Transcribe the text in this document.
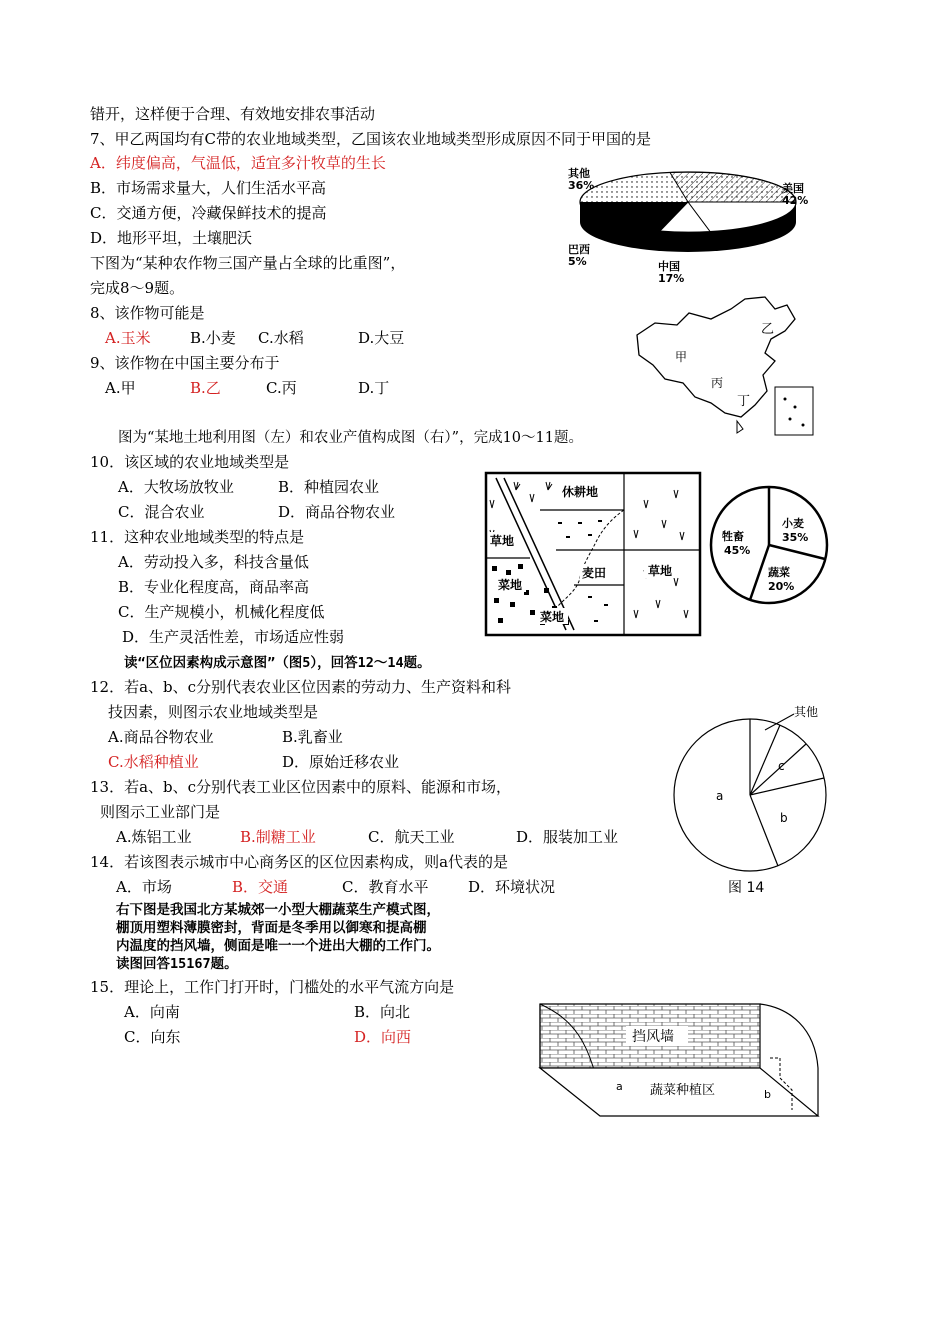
错开，这样便于合理、有效地安排农事活动
7、甲乙两国均有C带的农业地域类型，乙国该农业地域类型形成原因不同于甲国的是
A．纬度偏高，气温低，适宜多汁牧草的生长
B．市场需求量大，人们生活水平高
C．交通方便，冷藏保鲜技术的提高
D．地形平坦，土壤肥沃
下图为“某种农作物三国产量占全球的比重图”，
完成8～9题。
8、该作物可能是
A.玉米	B.小麦 C.水稻	D.大豆
9、该作物在中国主要分布于
A.甲	B.乙	C.丙	D.丁
图为“某地土地利用图（左）和农业产值构成图（右）”，完成10～11题。
10．该区域的农业地域类型是
A．大牧场放牧业	B．种植园农业
C．混合农业	D．商品谷物农业
11．这种农业地域类型的特点是
A．劳动投入多，科技含量低
B．专业化程度高，商品率高
C．生产规模小，机械化程度低
D．生产灵活性差，市场适应性弱
读“区位因素构成示意图”（图5），回答12～14题。
12．若a、b、c分别代表农业区位因素的劳动力、生产资料和科
技因素，则图示农业地域类型是
A.商品谷物农业	B.乳畜业
C.水稻种植业	D．原始迁移农业
13．若a、b、c分别代表工业区位因素中的原料、能源和市场，
则图示工业部门是
A.炼铝工业	B.制糖工业	C．航天工业	D．服装加工业
14．若该图表示城市中心商务区的区位因素构成，则a代表的是
A．市场	B．交通	C．教育水平	D．环境状况
右下图是我国北方某城郊一小型大棚蔬菜生产模式图，
棚顶用塑料薄膜密封，背面是冬季用以御寒和提高棚
内温度的挡风墙，侧面是唯一一个进出大棚的工作门。
读图回答15167题。
15．理论上，工作门打开时，门槛处的水平气流方向是
A．向南	B．向北
C．向东	D．向西
其他
36%	美国
42%
巴西
5%	中国
17%
乙
甲
丙
丁
休耕地
草地
草地
麦田
菜地
菜地
牲畜
45%
小麦
35%
蔬菜
20%
其他
a
b
c
图 14
挡风墙
蔬菜种植区
a
b
